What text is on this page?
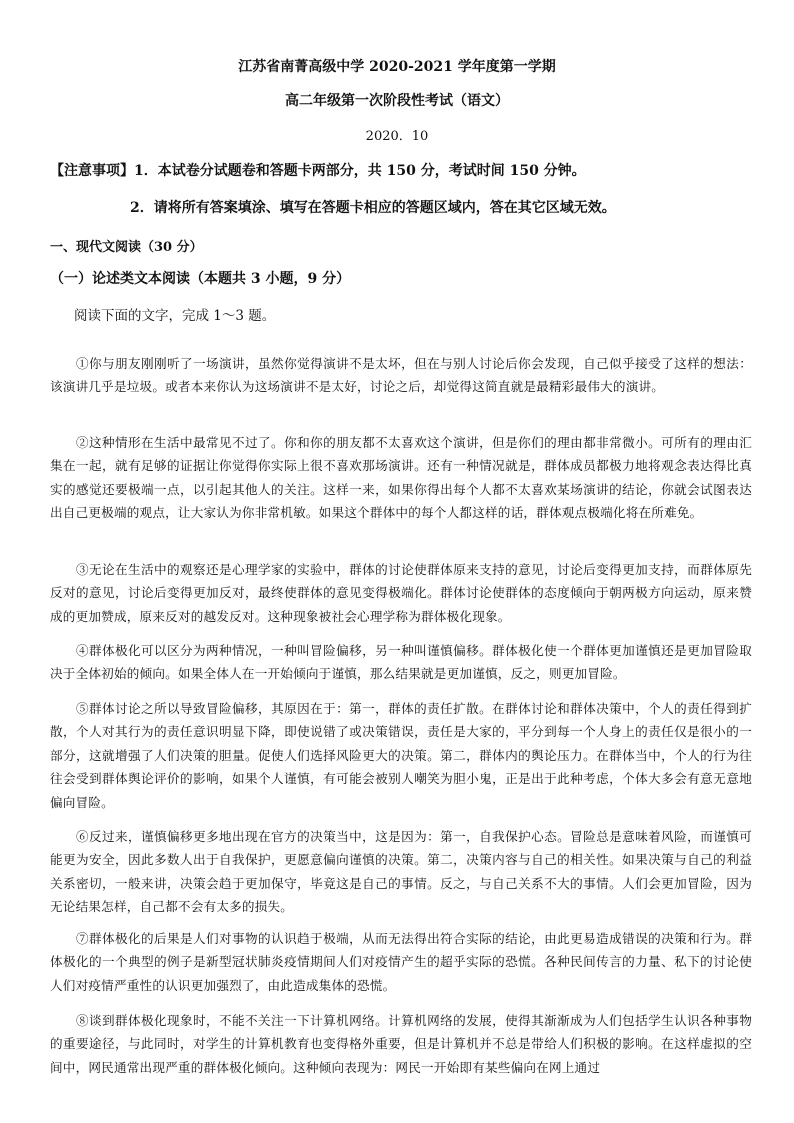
江苏省南菁高级中学 2020-2021 学年度第一学期
高二年级第一次阶段性考试（语文）
2020．10
【注意事项】1．本试卷分试题卷和答题卡两部分，共 150 分，考试时间 150 分钟。
2．请将所有答案填涂、填写在答题卡相应的答题区域内，答在其它区域无效。
一、现代文阅读（30 分）
（一）论述类文本阅读（本题共 3 小题，9 分）
阅读下面的文字，完成 1～3 题。

①你与朋友刚刚听了一场演讲，虽然你觉得演讲不是太坏，但在与别人讨论后你会发现，自己似乎接受了这样的想法：该演讲几乎是垃圾。或者本来你认为这场演讲不是太好，讨论之后，却觉得这简直就是最精彩最伟大的演讲。

②这种情形在生活中最常见不过了。你和你的朋友都不太喜欢这个演讲，但是你们的理由都非常微小。可所有的理由汇集在一起，就有足够的证据让你觉得你实际上很不喜欢那场演讲。还有一种情况就是，群体成员都极力地将观念表达得比真实的感觉还要极端一点，以引起其他人的关注。这样一来，如果你得出每个人都不太喜欢某场演讲的结论，你就会试图表达出自己更极端的观点，让大家认为你非常机敏。如果这个群体中的每个人都这样的话，群体观点极端化将在所难免。

③无论在生活中的观察还是心理学家的实验中，群体的讨论使群体原来支持的意见，讨论后变得更加支持，而群体原先反对的意见，讨论后变得更加反对，最终使群体的意见变得极端化。群体讨论使群体的态度倾向于朝两极方向运动，原来赞成的更加赞成，原来反对的越发反对。这种现象被社会心理学称为群体极化现象。

④群体极化可以区分为两种情况，一种叫冒险偏移，另一种叫谨慎偏移。群体极化使一个群体更加谨慎还是更加冒险取决于全体初始的倾向。如果全体人在一开始倾向于谨慎，那么结果就是更加谨慎，反之，则更加冒险。

⑤群体讨论之所以导致冒险偏移，其原因在于：第一，群体的责任扩散。在群体讨论和群体决策中，个人的责任得到扩散，个人对其行为的责任意识明显下降，即使说错了或决策错误，责任是大家的，平分到每一个人身上的责任仅是很小的一部分，这就增强了人们决策的胆量。促使人们选择风险更大的决策。第二，群体内的舆论压力。在群体当中，个人的行为往往会受到群体舆论评价的影响，如果个人谨慎，有可能会被别人嘲笑为胆小鬼，正是出于此种考虑，个体大多会有意无意地偏向冒险。

⑥反过来，谨慎偏移更多地出现在官方的决策当中，这是因为：第一，自我保护心态。冒险总是意味着风险，而谨慎可能更为安全，因此多数人出于自我保护，更愿意偏向谨慎的决策。第二，决策内容与自己的相关性。如果决策与自己的利益关系密切，一般来讲，决策会趋于更加保守，毕竟这是自己的事情。反之，与自己关系不大的事情。人们会更加冒险，因为无论结果怎样，自己都不会有太多的损失。

⑦群体极化的后果是人们对事物的认识趋于极端，从而无法得出符合实际的结论，由此更易造成错误的决策和行为。群体极化的一个典型的例子是新型冠状肺炎疫情期间人们对疫情产生的超乎实际的恐慌。各种民间传言的力量、私下的讨论使人们对疫情严重性的认识更加强烈了，由此造成集体的恐慌。

⑧谈到群体极化现象时，不能不关注一下计算机网络。计算机网络的发展，使得其渐渐成为人们包括学生认识各种事物的重要途径，与此同时，对学生的计算机教育也变得格外重要，但是计算机并不总是带给人们积极的影响。在这样虚拟的空间中，网民通常出现严重的群体极化倾向。这种倾向表现为：网民一开始即有某些偏向在网上通过
